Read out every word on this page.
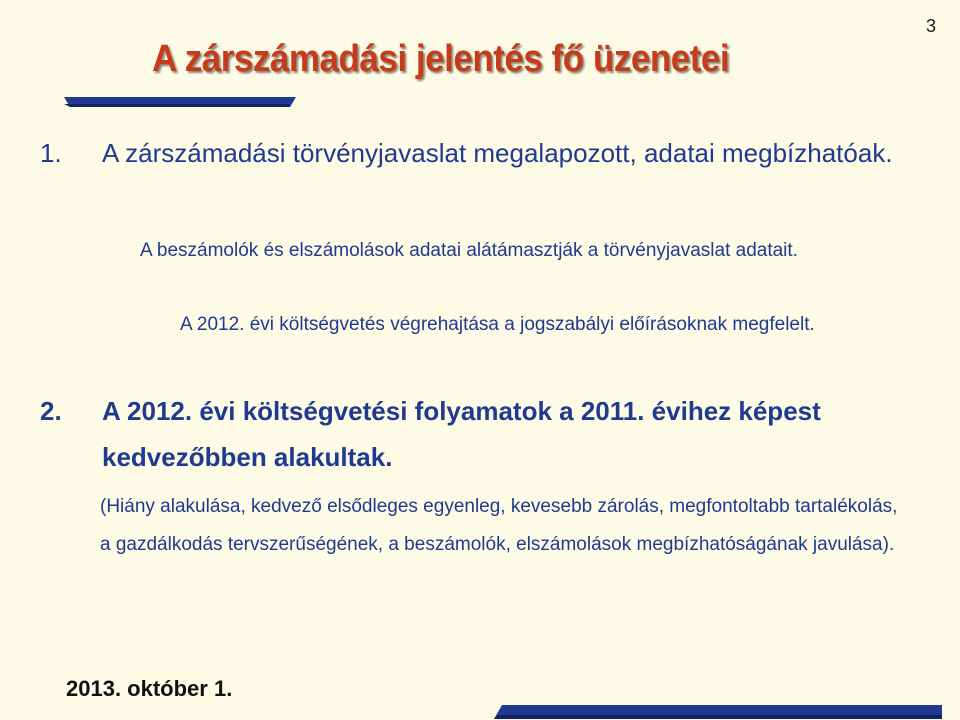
3
A zárszámadási jelentés fő üzenetei
1.	A zárszámadási törvényjavaslat megalapozott, adatai megbízhatóak.
A beszámolók és elszámolások adatai alátámasztják a törvényjavaslat adatait.
A 2012. évi költségvetés végrehajtása a jogszabályi előírásoknak megfelelt.
2.	A 2012. évi költségvetési folyamatok a 2011. évihez képest kedvezőbben alakultak.
(Hiány alakulása, kedvező elsődleges egyenleg, kevesebb zárolás, megfontoltabb tartalékolás, a gazdálkodás tervszerűségének, a beszámolók, elszámolások megbízhatóságának javulása).
2013. október 1.
